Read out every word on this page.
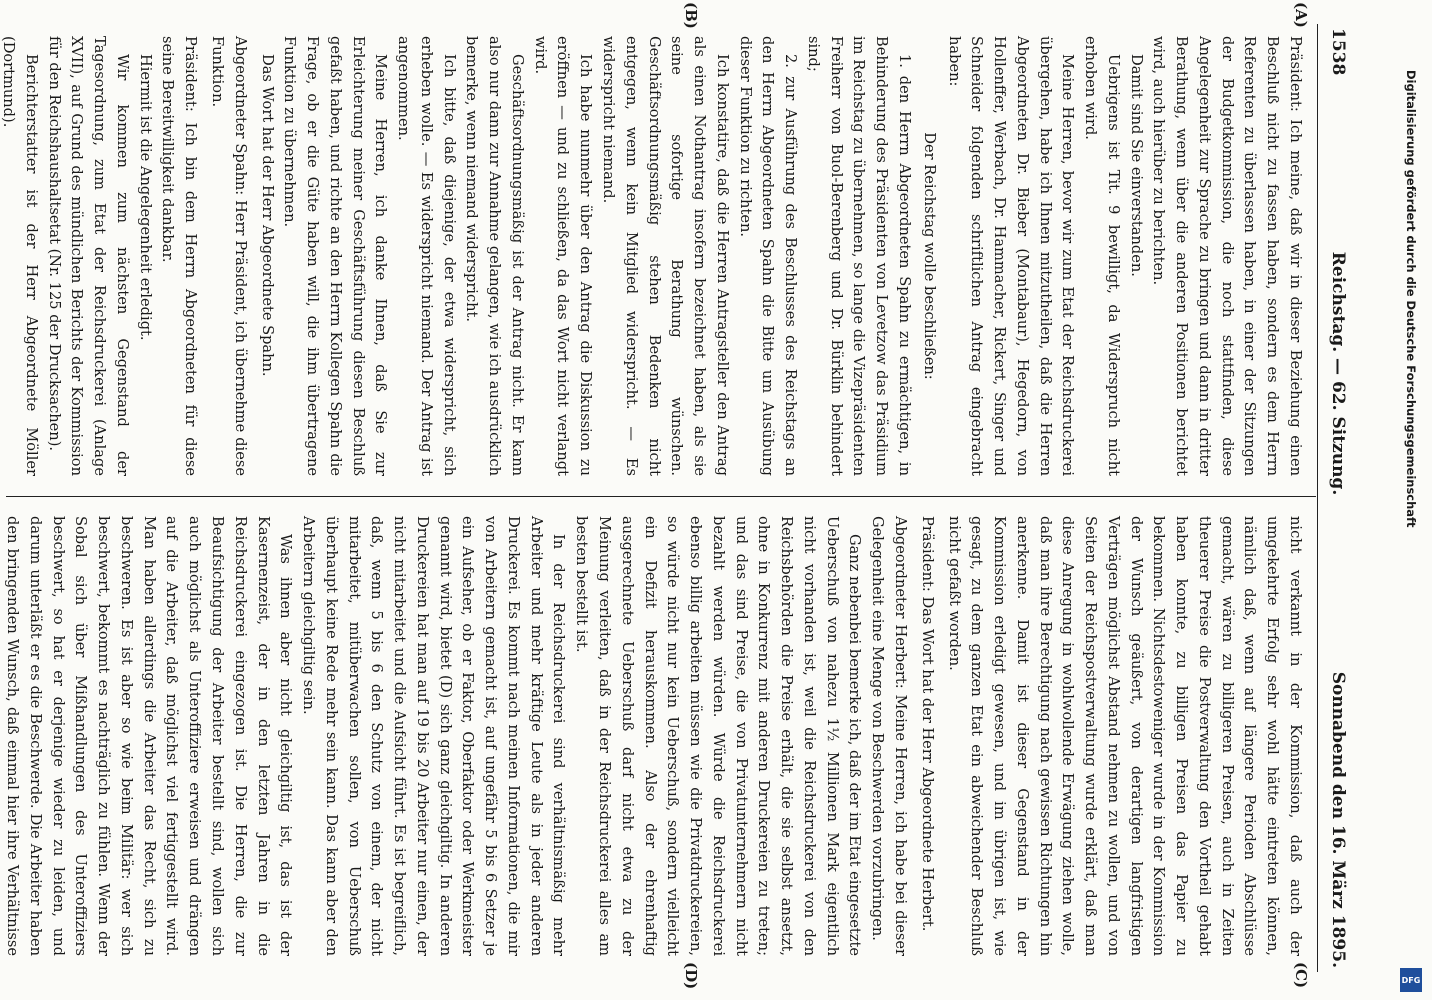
1538
Reichstag. — 62. Sitzung.
Sonnabend den 16. März 1895.
(A)
(B)
(C)
(D)

Präsident: Ich meine, daß wir in dieser Beziehung einen Beschluß nicht zu fassen haben, sondern es dem Herrn Referenten zu überlassen haben, in einer der Sitzungen der Budgetkommission, die noch stattfinden, diese Angelegenheit zur Sprache zu bringen und dann in dritter Berathung, wenn über die anderen Positionen berichtet wird, auch hierüber zu berichten.

Damit sind Sie einverstanden.

Uebrigens ist Tit. 9 bewilligt, da Widerspruch nicht erhoben wird.

Meine Herren, bevor wir zum Etat der Reichsdruckerei übergehen, habe ich Ihnen mitzutheilen, daß die Herren Abgeordneten Dr. Bieber (Montabaur), Hegedorn, von Hollenffer, Werbach, Dr. Hammacher, Rickert, Singer und Schneider folgenden schriftlichen Antrag eingebracht haben:

Der Reichstag wolle beschließen:

1. den Herrn Abgeordneten Spahn zu ermächtigen, in Behinderung des Präsidenten von Levetzow das Präsidium im Reichstag zu übernehmen, so lange die Vizepräsidenten Freiherr von Buol-Berenberg und Dr. Bürklin behindert sind;

2. zur Ausführung des Beschlusses des Reichstags an den Herrn Abgeordneten Spahn die Bitte um Ausübung dieser Funktion zu richten.

Ich konstatire, daß die Herren Antragsteller den Antrag als einen Nothantrag insofern bezeichnet haben, als sie seine sofortige Berathung wünschen. Geschäftsordnungsmäßig stehen Bedenken nicht entgegen, wenn kein Mitglied widerspricht. — Es widerspricht niemand.

Ich habe nunmehr über den Antrag die Diskussion zu eröffnen — und zu schließen, da das Wort nicht verlangt wird.

Geschäftsordnungsmäßig ist der Antrag nicht. Er kann also nur dann zur Annahme gelangen, wie ich ausdrücklich bemerke, wenn niemand widerspricht.

Ich bitte, daß diejenige, der etwa widerspricht, sich erheben wolle. — Es widerspricht niemand. Der Antrag ist angenommen.

Meine Herren, ich danke Ihnen, daß Sie zur Erleichterung meiner Geschäftsführung diesen Beschluß gefaßt haben, und richte an den Herrn Kollegen Spahn die Frage, ob er die Güte haben will, die ihm übertragene Funktion zu übernehmen.

Das Wort hat der Herr Abgeordnete Spahn.

Abgeordneter Spahn: Herr Präsident, ich übernehme diese Funktion.

Präsident: Ich bin dem Herrn Abgeordneten für diese seine Bereitwilligkeit dankbar.

Hiermit ist die Angelegenheit erledigt.

Wir kommen zum nächsten Gegenstand der Tagesordnung, zum Etat der Reichsdruckerei (Anlage XVII), auf Grund des mündlichen Berichts der Kommission für den Reichshaushaltsetat (Nr. 125 der Drucksachen).

Berichterstatter ist der Herr Abgeordnete Möller (Dortmund).

nicht verkannt in der Kommission, daß auch der umgekehrte Erfolg sehr wohl hätte eintreten können, nämlich daß, wenn auf längere Perioden Abschlüsse gemacht, wären zu billigeren Preisen, auch in Zeiten theuerer Preise die Postverwaltung den Vortheil gehabt haben konnte, zu billigen Preisen das Papier zu bekommen. Nichtsdestoweniger wurde in der Kommission der Wunsch geäußert, von derartigen langfristigen Verträgen möglichst Abstand nehmen zu wollen, und von Seiten der Reichspostverwaltung wurde erklärt, daß man diese Anregung in wohlwollende Erwägung ziehen wolle, daß man ihre Berechtigung nach gewissen Richtungen hin anerkenne. Damit ist dieser Gegenstand in der Kommission erledigt gewesen, und im übrigen ist, wie gesagt, zu dem ganzen Etat ein abweichender Beschluß nicht gefaßt worden.

Präsident: Das Wort hat der Herr Abgeordnete Herbert.

Abgeordneter Herbert: Meine Herren, ich habe bei dieser Gelegenheit eine Menge von Beschwerden vorzubringen.

Ganz nebenbei bemerke ich, daß der im Etat eingesetzte Ueberschuß von nahezu 1½ Millionen Mark eigentlich nicht vorhanden ist, weil die Reichsdruckerei von den Reichsbehörden die Preise erhält, die sie selbst ansetzt, ohne in Konkurrenz mit anderen Druckereien zu treten; und das sind Preise, die von Privatunternehmern nicht bezahlt werden würden. Würde die Reichsdruckerei ebenso billig arbeiten müssen wie die Privatdruckereien, so würde nicht nur kein Ueberschuß, sondern vielleicht ein Defizit herauskommen. Also der ehrenhaftig ausgerechnete Ueberschuß darf nicht etwa zu der Meinung verleiten, daß in der Reichsdruckerei alles am besten bestellt ist.

In der Reichsdruckerei sind verhältnismäßig mehr Arbeiter und mehr kräftige Leute als in jeder anderen Druckerei. Es kommt nach meinen Informationen, die mir von Arbeitern gemacht ist, auf ungefähr 5 bis 6 Setzer je ein Aufseher, ob er Faktor, Oberfaktor oder Werkmeister genannt wird, bietet (D) sich ganz gleichgiltig. In anderen Druckereien hat man auf 19 bis 20 Arbeiter nur einen, der nicht mitarbeitet und die Aufsicht führt. Es ist begreiflich, daß, wenn 5 bis 6 den Schutz von einem, der nicht mitarbeitet, mitüberwachen sollen, von Ueberschuß überhaupt keine Rede mehr sein kann. Das kann aber den Arbeitern gleichgiltig sein.

Was ihnen aber nicht gleichgiltig ist, das ist der Kasernenzeist, der in den letzten Jahren in die Reichsdruckerei eingezogen ist. Die Herren, die zur Beaufsichtigung der Arbeiter bestellt sind, wollen sich auch möglichst als Unteroffiziere erweisen und drängen auf die Arbeiter, daß möglichst viel fertiggestellt wird. Man haben allerdings die Arbeiter das Recht, sich zu beschweren. Es ist aber so wie beim Militär: wer sich beschwert, bekommt es nachträglich zu fühlen. Wenn der Sobal sich über Mißhandlungen des Unteroffiziers beschwert, so hat er derjenige wieder zu leiden, und darum unterläßt er es die Beschwerde. Die Arbeiter haben den bringenden Wunsch, daß einmal hier ihre Verhältnisse

Digitalisierung gefördert durch die Deutsche Forschungsgemeinschaft
DFG
